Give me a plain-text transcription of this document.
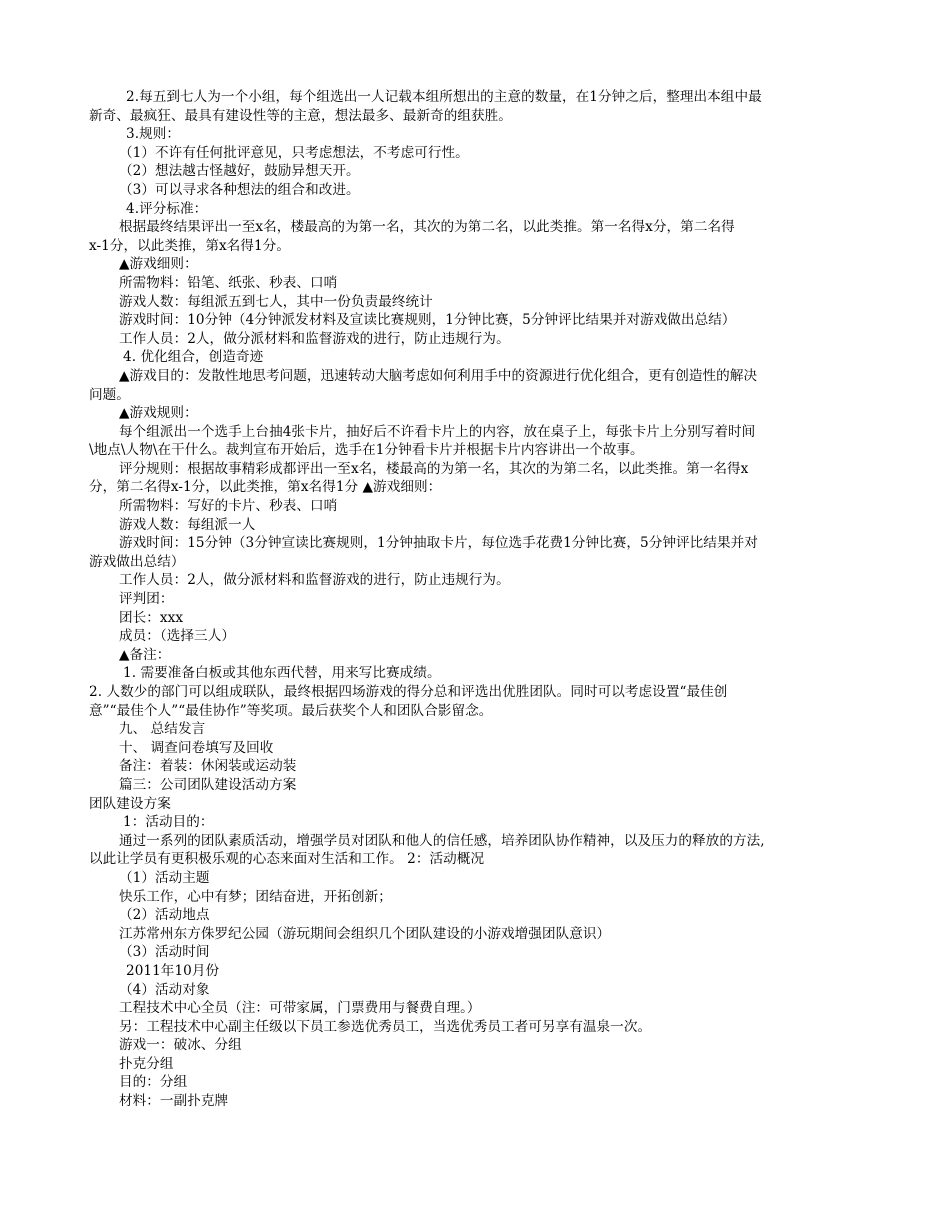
2.每五到七人为一个小组，每个组选出一人记载本组所想出的主意的数量，在1分钟之后，整理出本组中最
新奇、最疯狂、最具有建设性等的主意，想法最多、最新奇的组获胜。
3.规则：
（1）不许有任何批评意见，只考虑想法，不考虑可行性。
（2）想法越古怪越好，鼓励异想天开。
（3）可以寻求各种想法的组合和改进。
4.评分标准：
根据最终结果评出一至x名，楼最高的为第一名，其次的为第二名，以此类推。第一名得x分，第二名得
x-1分，以此类推，第x名得1分。
▲游戏细则：
所需物料：铅笔、纸张、秒表、口哨
游戏人数：每组派五到七人，其中一份负责最终统计
游戏时间：10分钟（4分钟派发材料及宣读比赛规则，1分钟比赛，5分钟评比结果并对游戏做出总结）
工作人员：2人，做分派材料和监督游戏的进行，防止违规行为。
4. 优化组合，创造奇迹
▲游戏目的：发散性地思考问题，迅速转动大脑考虑如何利用手中的资源进行优化组合，更有创造性的解决
问题。
▲游戏规则：
每个组派出一个选手上台抽4张卡片，抽好后不许看卡片上的内容，放在桌子上，每张卡片上分别写着时间
\地点\人物\在干什么。裁判宣布开始后，选手在1分钟看卡片并根据卡片内容讲出一个故事。
评分规则：根据故事精彩成都评出一至x名，楼最高的为第一名，其次的为第二名，以此类推。第一名得x
分，第二名得x-1分，以此类推，第x名得1分 ▲游戏细则：
所需物料：写好的卡片、秒表、口哨
游戏人数：每组派一人
游戏时间：15分钟（3分钟宣读比赛规则，1分钟抽取卡片，每位选手花费1分钟比赛，5分钟评比结果并对
游戏做出总结）
工作人员：2人，做分派材料和监督游戏的进行，防止违规行为。
评判团：
团长：xxx
成员：（选择三人）
▲备注：
1. 需要准备白板或其他东西代替，用来写比赛成绩。
2. 人数少的部门可以组成联队，最终根据四场游戏的得分总和评选出优胜团队。同时可以考虑设置“最佳创
意”“最佳个人”“最佳协作”等奖项。最后获奖个人和团队合影留念。
九、 总结发言
十、 调查问卷填写及回收
备注：着装：休闲装或运动装
篇三：公司团队建设活动方案
团队建设方案
1：活动目的：
通过一系列的团队素质活动，增强学员对团队和他人的信任感，培养团队协作精神，以及压力的释放的方法,
以此让学员有更积极乐观的心态来面对生活和工作。 2：活动概况
（1）活动主题
快乐工作，心中有梦；团结奋进，开拓创新；
（2）活动地点
江苏常州东方侏罗纪公园（游玩期间会组织几个团队建设的小游戏增强团队意识）
（3）活动时间
2011年10月份
（4）活动对象
工程技术中心全员（注：可带家属，门票费用与餐费自理。）
另：工程技术中心副主任级以下员工参选优秀员工，当选优秀员工者可另享有温泉一次。
游戏一：破冰、分组
扑克分组
目的：分组
材料：一副扑克牌
